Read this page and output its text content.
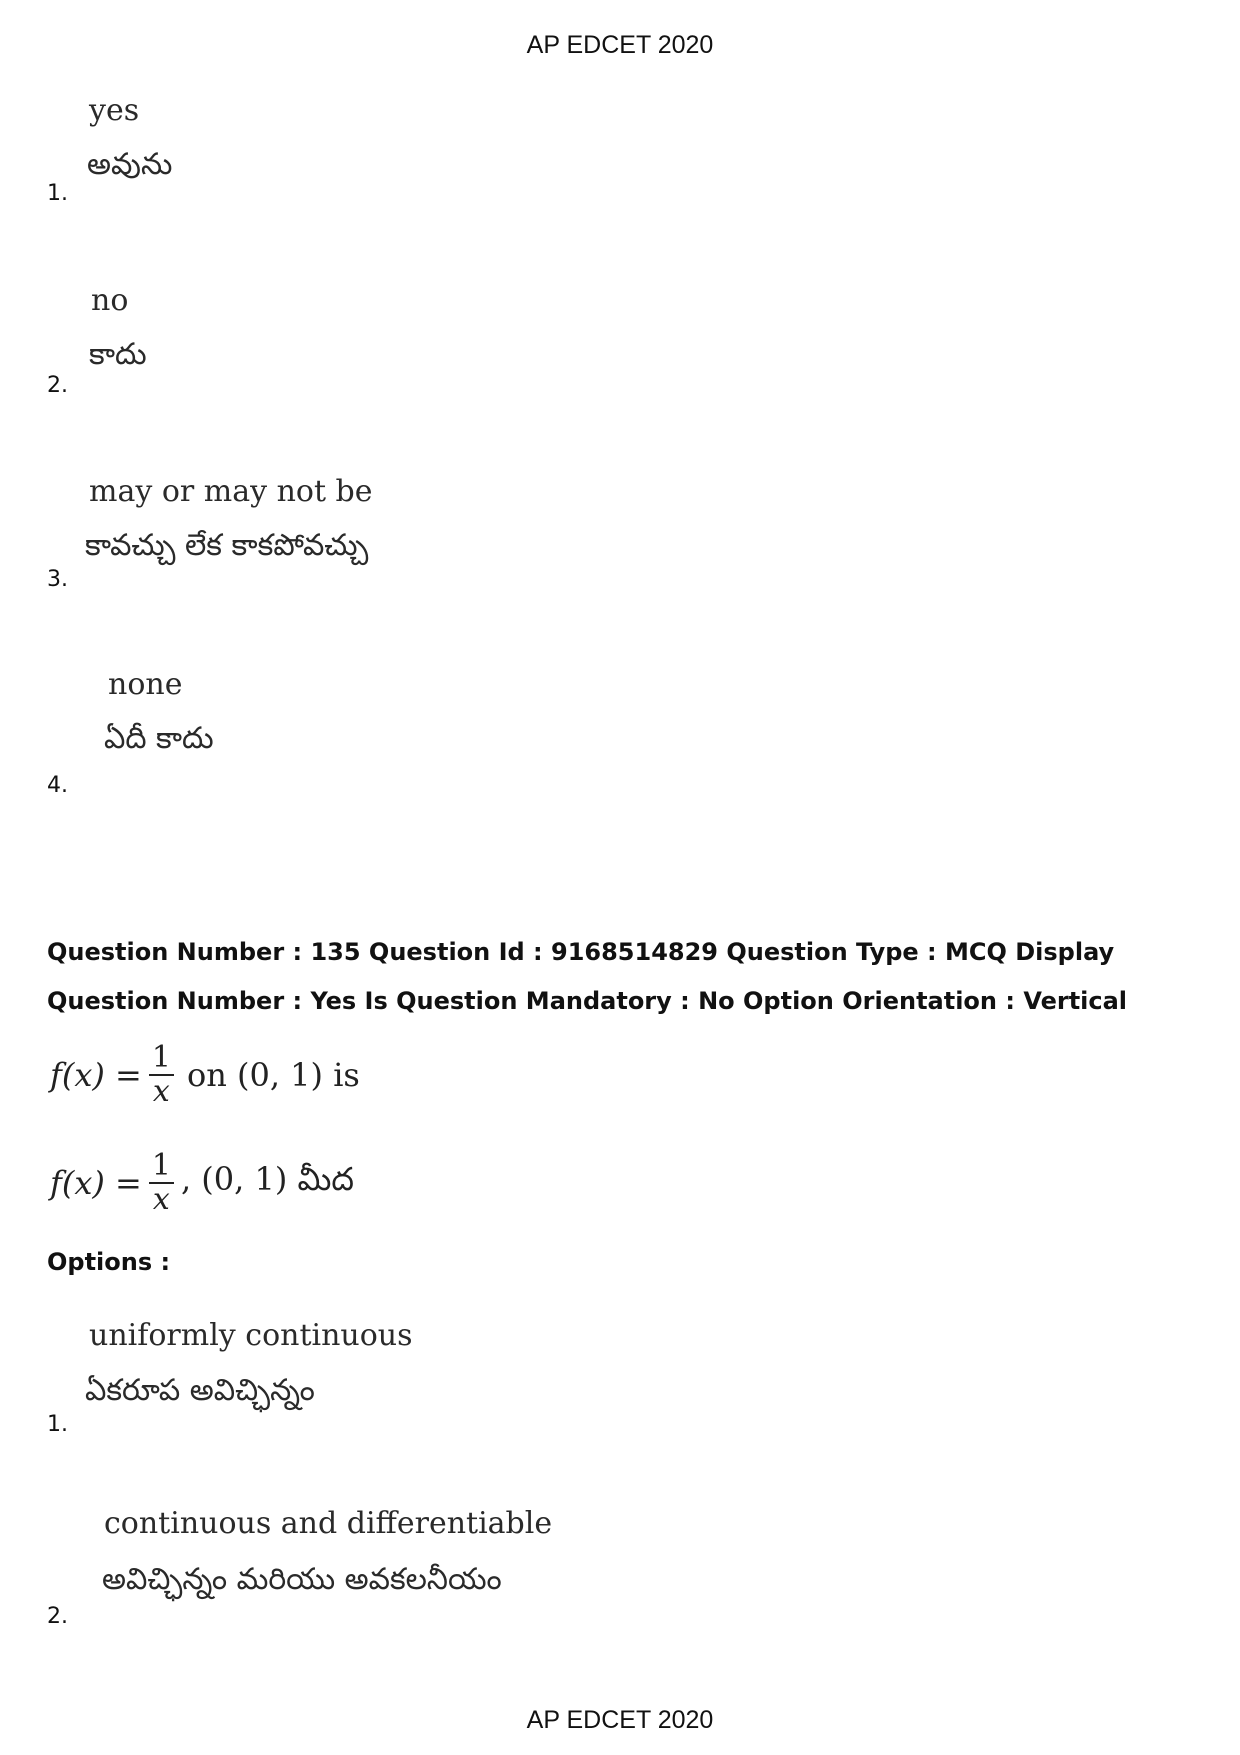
AP EDCET 2020
yes
అవును
1.
no
కాదు
2.
may or may not be
కావచ్చు లేక కాకపోవచ్చు
3.
none
ఏదీ కాదు
4.
Question Number : 135 Question Id : 9168514829 Question Type : MCQ Display Question Number : Yes Is Question Mandatory : No Option Orientation : Vertical
$f(x) = \frac{1}{x}$ on (0, 1) is
$f(x) = \frac{1}{x}$ , (0, 1) మీద
Options :
uniformly continuous
ఏకరూప అవిచ్ఛిన్నం
1.
continuous and differentiable
అవిచ్ఛిన్నం మరియు అవకలనీయం
2.
AP EDCET 2020
